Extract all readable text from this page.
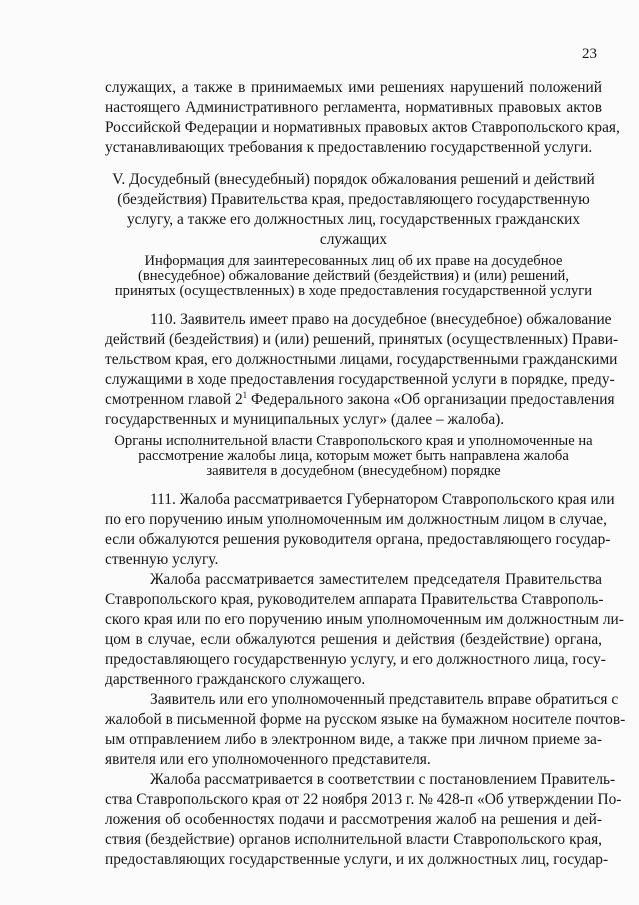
23
служащих, а также в принимаемых ими решениях нарушений положений
настоящего Административного регламента, нормативных правовых актов
Российской Федерации и нормативных правовых актов Ставропольского края,
устанавливающих требования к предоставлению государственной услуги.
V. Досудебный (внесудебный) порядок обжалования решений и действий
(бездействия) Правительства края, предоставляющего государственную
услугу, а также его должностных лиц, государственных гражданских
служащих
Информация для заинтересованных лиц об их праве на досудебное
(внесудебное) обжалование действий (бездействия) и (или) решений,
принятых (осуществленных) в ходе предоставления государственной услуги
110. Заявитель имеет право на досудебное (внесудебное) обжалование
действий (бездействия) и (или) решений, принятых (осуществленных) Прави-
тельством края, его должностными лицами, государственными гражданскими
служащими в ходе предоставления государственной услуги в порядке, преду-
смотренном главой $2^1$ Федерального закона «Об организации предоставления
государственных и муниципальных услуг» (далее – жалоба).
Органы исполнительной власти Ставропольского края и уполномоченные на
рассмотрение жалобы лица, которым может быть направлена жалоба
заявителя в досудебном (внесудебном) порядке
111. Жалоба рассматривается Губернатором Ставропольского края или
по его поручению иным уполномоченным им должностным лицом в случае,
если обжалуются решения руководителя органа, предоставляющего государ-
ственную услугу.
Жалоба рассматривается заместителем председателя Правительства
Ставропольского края, руководителем аппарата Правительства Ставрополь-
ского края или по его поручению иным уполномоченным им должностным ли-
цом в случае, если обжалуются решения и действия (бездействие) органа,
предоставляющего государственную услугу, и его должностного лица, госу-
дарственного гражданского служащего.
Заявитель или его уполномоченный представитель вправе обратиться с
жалобой в письменной форме на русском языке на бумажном носителе почтов-
ым отправлением либо в электронном виде, а также при личном приеме за-
явителя или его уполномоченного представителя.
Жалоба рассматривается в соответствии с постановлением Правитель-
ства Ставропольского края от 22 ноября 2013 г. № 428-п «Об утверждении По-
ложения об особенностях подачи и рассмотрения жалоб на решения и дей-
ствия (бездействие) органов исполнительной власти Ставропольского края,
предоставляющих государственные услуги, и их должностных лиц, государ-
